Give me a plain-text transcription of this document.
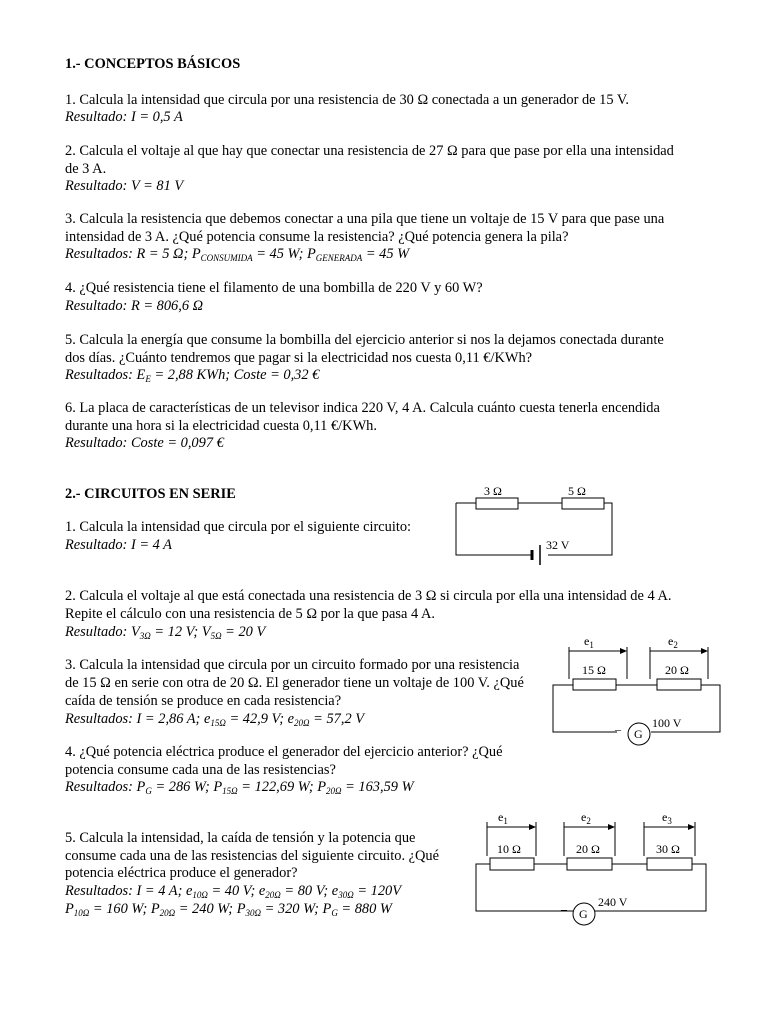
1.- CONCEPTOS BÁSICOS
1. Calcula la intensidad que circula por una resistencia de 30 Ω conectada a un generador de 15 V.
Resultado: I = 0,5 A
2. Calcula el voltaje al que hay que conectar una resistencia de 27 Ω para que pase por ella una intensidad
de 3 A.
Resultado: V = 81 V
3. Calcula la resistencia que debemos conectar a una pila que tiene un voltaje de 15 V para que pase una
intensidad de 3 A. ¿Qué potencia consume la resistencia? ¿Qué potencia genera la pila?
Resultados: R = 5 Ω; $P_{CONSUMIDA} = 45$ W; $P_{GENERADA} = 45$ W
4. ¿Qué resistencia tiene el filamento de una bombilla de 220 V y 60 W?
Resultado: R = 806,6 Ω
5. Calcula la energía que consume la bombilla del ejercicio anterior si nos la dejamos conectada durante
dos días. ¿Cuánto tendremos que pagar si la electricidad nos cuesta 0,11 €/KWh?
Resultados: $E_E = 2,88$ KWh; Coste = 0,32 €
6. La placa de características de un televisor indica 220 V, 4 A. Calcula cuánto cuesta tenerla encendida
durante una hora si la electricidad cuesta 0,11 €/KWh.
Resultado: Coste = 0,097 €
2.- CIRCUITOS EN SERIE
1. Calcula la intensidad que circula por el siguiente circuito:
Resultado: I = 4 A
2. Calcula el voltaje al que está conectada una resistencia de 3 Ω si circula por ella una intensidad de 4 A.
Repite el cálculo con una resistencia de 5 Ω por la que pasa 4 A.
Resultado: $V_{3\Omega} = 12$ V; $V_{5\Omega} = 20$ V
3. Calcula la intensidad que circula por un circuito formado por una resistencia
de 15 Ω en serie con otra de 20 Ω. El generador tiene un voltaje de 100 V. ¿Qué
caída de tensión se produce en cada resistencia?
Resultados: I = 2,86 A; $e_{15\Omega} = 42,9$ V; $e_{20\Omega} = 57,2$ V
4. ¿Qué potencia eléctrica produce el generador del ejercicio anterior? ¿Qué
potencia consume cada una de las resistencias?
Resultados: $P_G = 286$ W; $P_{15\Omega} = 122,69$ W; $P_{20\Omega} = 163,59$ W
5. Calcula la intensidad, la caída de tensión y la potencia que
consume cada una de las resistencias del siguiente circuito. ¿Qué
potencia eléctrica produce el generador?
Resultados: I = 4 A; $e_{10\Omega} = 40$ V; $e_{20\Omega} = 80$ V; $e_{30\Omega} = 120V$
$P_{10\Omega} = 160$ W; $P_{20\Omega} = 240$ W; $P_{30\Omega} = 320$ W; $P_G = 880$ W
3 Ω	5 Ω
32 V
$e_1$	$e_2$
15 Ω	20 Ω
G
–	100 V
$e_1$	$e_2$	$e_3$
10 Ω	20 Ω	30 Ω
G
–	240 V
